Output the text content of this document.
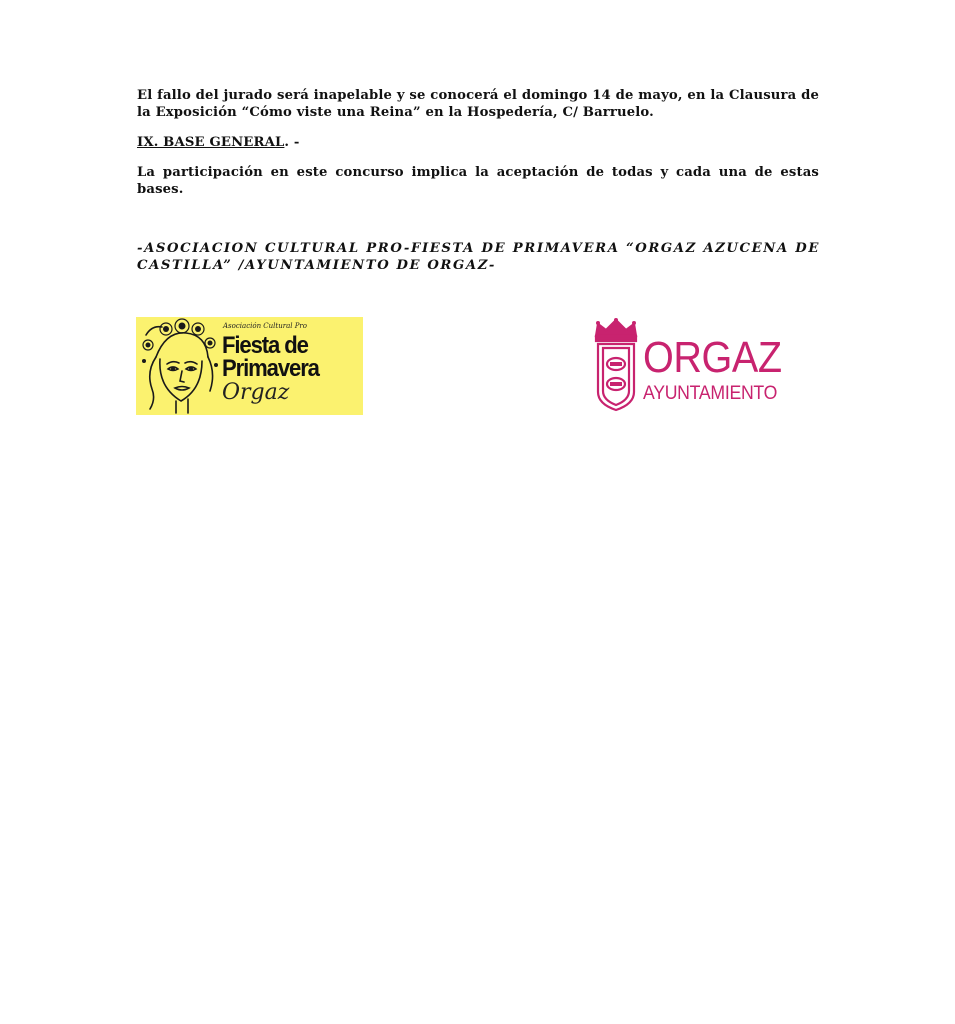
El fallo del jurado será inapelable y se conocerá el domingo 14 de mayo, en la Clausura de la Exposición “Cómo viste una Reina” en la Hospedería, C/ Barruelo.
IX. BASE GENERAL. -
La participación en este concurso implica la aceptación de todas y cada una de estas bases.
-ASOCIACION CULTURAL PRO-FIESTA DE PRIMAVERA “ORGAZ AZUCENA DE CASTILLA” /AYUNTAMIENTO DE ORGAZ-
Asociación Cultural Pro
Fiesta de
Primavera
Orgaz
ORGAZ
AYUNTAMIENTO
